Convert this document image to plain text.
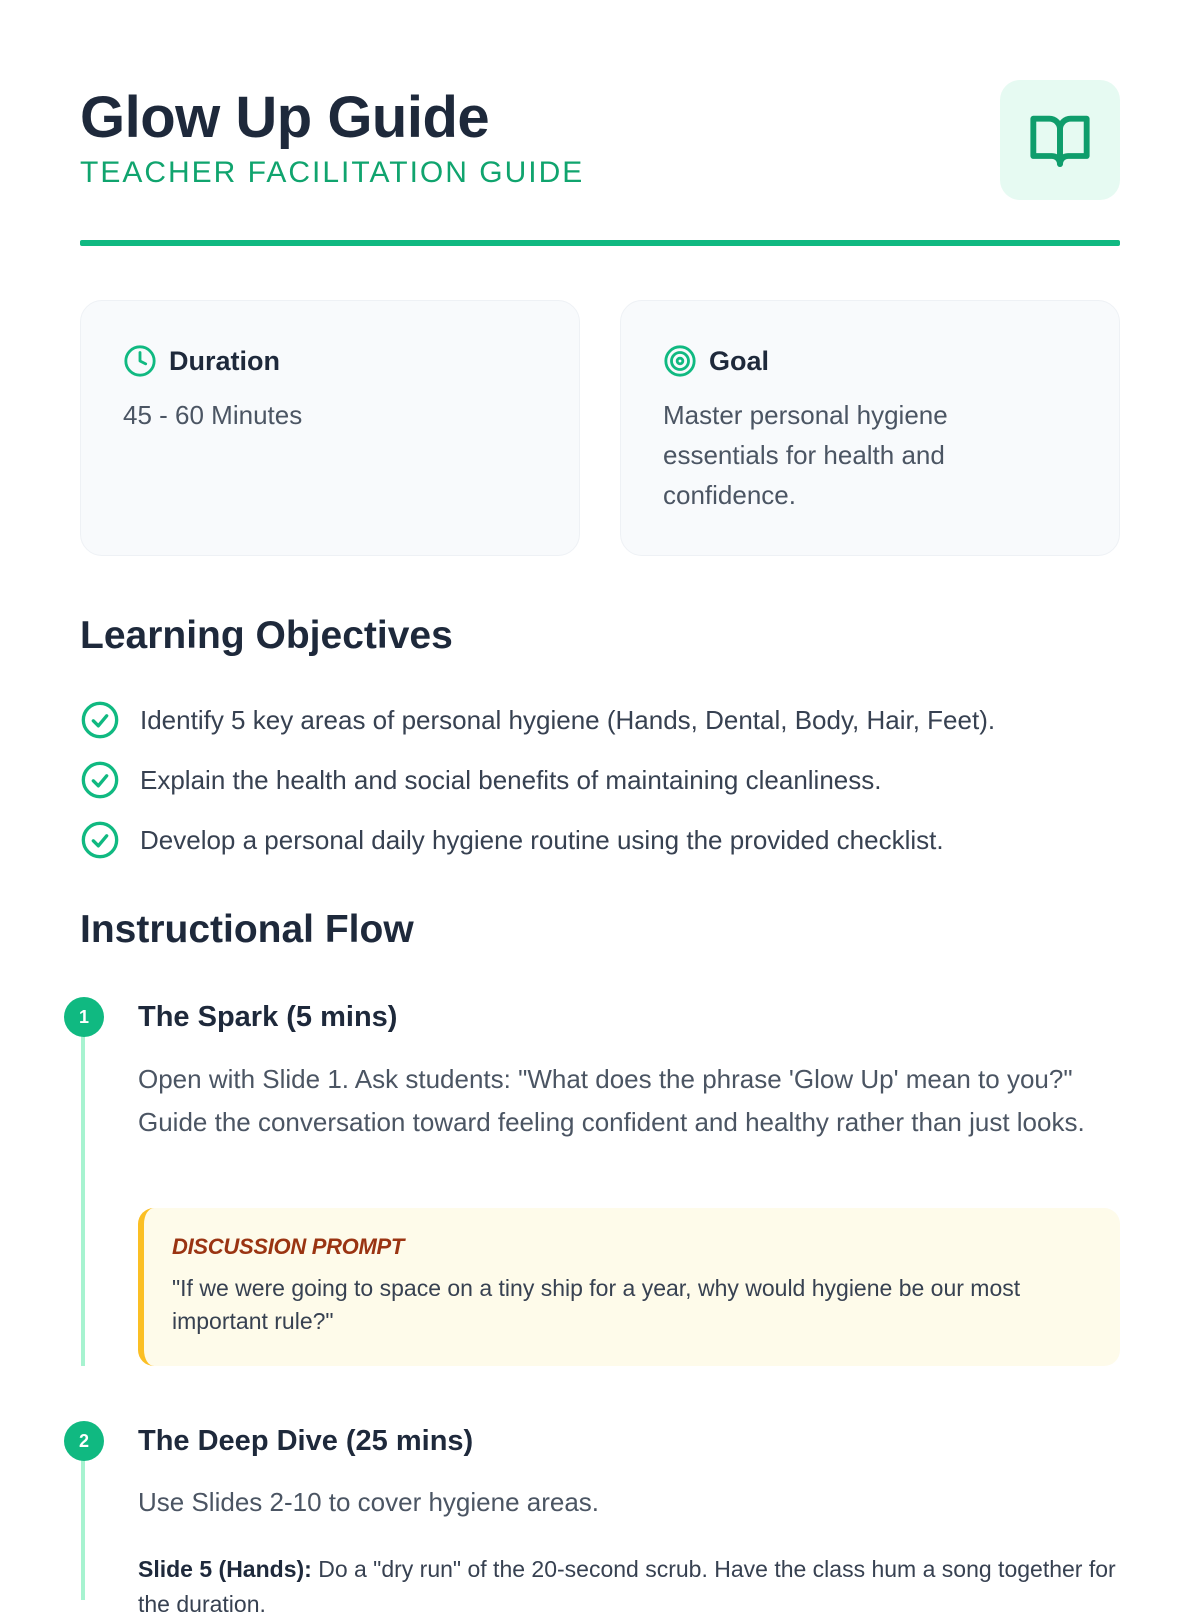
Glow Up Guide
TEACHER FACILITATION GUIDE
Duration
45 - 60 Minutes
Goal
Master personal hygiene essentials for health and confidence.
Learning Objectives
Identify 5 key areas of personal hygiene (Hands, Dental, Body, Hair, Feet).
Explain the health and social benefits of maintaining cleanliness.
Develop a personal daily hygiene routine using the provided checklist.
Instructional Flow
1	The Spark (5 mins)
Open with Slide 1. Ask students: "What does the phrase 'Glow Up' mean to you?" Guide the conversation toward feeling confident and healthy rather than just looks.
DISCUSSION PROMPT
"If we were going to space on a tiny ship for a year, why would hygiene be our most important rule?"
2	The Deep Dive (25 mins)
Use Slides 2-10 to cover hygiene areas.
Slide 5 (Hands): Do a "dry run" of the 20-second scrub. Have the class hum a song together for the duration.
